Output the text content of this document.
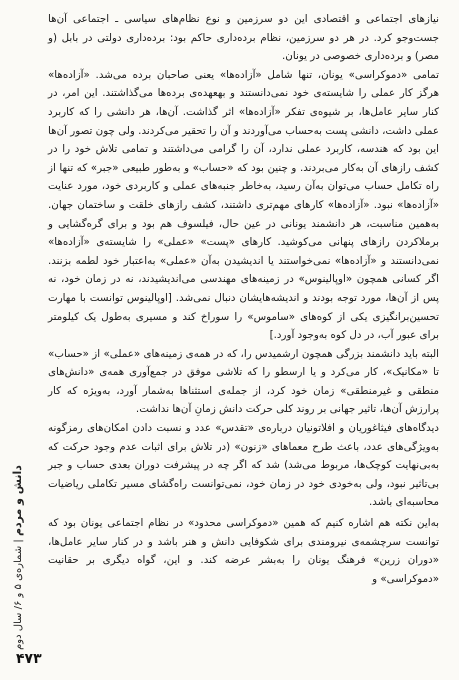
نیازهای اجتماعی و اقتصادی این دو سرزمین و نوع نظام‌های سیاسی ـ اجتماعی آن‌ها جست‌وجو کرد. در هر دو سرزمین، نظام برده‌داری حاکم بود: برده‌داری دولتی در بابل (و مصر) و برده‌داری خصوصی در یونان.

تمامی «دموکراسی» یونان، تنها شامل «آزاده‌ها» یعنی صاحبان برده می‌شد. «آزاده‌ها» هرگز کار عملی را شایسته‌ی خود نمی‌دانستند و بهعهده‌ی برده‌ها می‌گذاشتند. این امر، در کنار سایر عامل‌ها، بر شیوه‌ی تفکر «آزاده‌ها» اثر گذاشت. آن‌ها، هر دانشی را که کاربرد عملی داشت، دانشی پست به‌حساب می‌آوردند و آن را تحقیر می‌کردند. ولی چون تصور آن‌ها این بود که هندسه، کاربرد عملی ندارد، آن را گرامی می‌داشتند و تمامی تلاش خود را در کشف رازهای آن به‌کار می‌بردند. و چنین بود که «حساب» و به‌طور طبیعی «جبر» که تنها از راه تکامل حساب می‌توان به‌آن رسید، به‌خاطر جنبه‌های عملی و کاربردی خود، مورد عنایت «آزاده‌ها» نبود. «آزاده‌ها» کارهای مهم‌تری داشتند، کشف رازهای خلقت و ساختمان جهان. به‌همین مناسبت، هر دانشمند یونانی در عین حال، فیلسوف هم بود و برای گره‌گشایی و برملاکردن رازهای پنهانی می‌کوشید. کارهای «پست» «عملی» را شایسته‌ی «آزاده‌ها» نمی‌دانستند و «آزاده‌ها» نمی‌خواستند یا اندیشیدن به‌آن «عملی» به‌اعتبار خود لطمه بزنند. اگر کسانی همچون «اوپالینوس» در زمینه‌های مهندسی می‌اندیشیدند، نه در زمان خود، نه پس از آن‌ها، مورد توجه بودند و اندیشه‌هایشان دنبال نمی‌شد. [اوپالینوس توانست با مهارت تحسین‌برانگیزی یکی از کوه‌های «ساموس» را سوراخ کند و مسیری به‌طول یک کیلومتر برای عبور آب، در دل کوه به‌وجود آورد.]

البته باید دانشمند بزرگی همچون ارشمیدس را، که در همه‌ی زمینه‌های «عملی» از «حساب» تا «مکانیک»، کار می‌کرد و یا ارسطو را که تلاشی موفق در جمع‌آوری همه‌ی «دانش‌های منطقی و غیرمنطقی» زمان خود کرد، از جمله‌ی استثناها به‌شمار آورد، به‌ویژه که کار پرارزش آن‌ها، تاثیر جهانی بر روند کلی حرکت دانش زمانِ آن‌ها نداشت.

دیدگاه‌های فیثاغوریان و افلاتونیان درباره‌ی «تقدس» عدد و نسبت دادن امکان‌های رمزگونه به‌ویژگی‌های عدد، باعث طرح معماهای «زنون» (در تلاش برای اثبات عدم وجود حرکت که به‌بی‌نهایت کوچک‌ها، مربوط می‌شد) شد که اگر چه در پیشرفت دوران بعدی حساب و جبر بی‌تاثیر نبود، ولی به‌خودی خود در زمان خود، نمی‌توانست راه‌گشای مسیر تکاملی ریاضیات محاسبه‌ای باشد.

به‌این نکته هم اشاره کنیم که همین «دموکراسی محدود» در نظام اجتماعی یونان بود که توانست سرچشمه‌ی نیرومندی برای شکوفایی دانش و هنر باشد و در کنار سایر عامل‌ها، «دوران زرین» فرهنگ یونان را به‌بشر عرضه کند. و این، گواه دیگری بر حقانیت «دموکراسی» و

دانش و مردم | شماره‌ی ۵ و ۶/ سال دوم
۴۷۳
